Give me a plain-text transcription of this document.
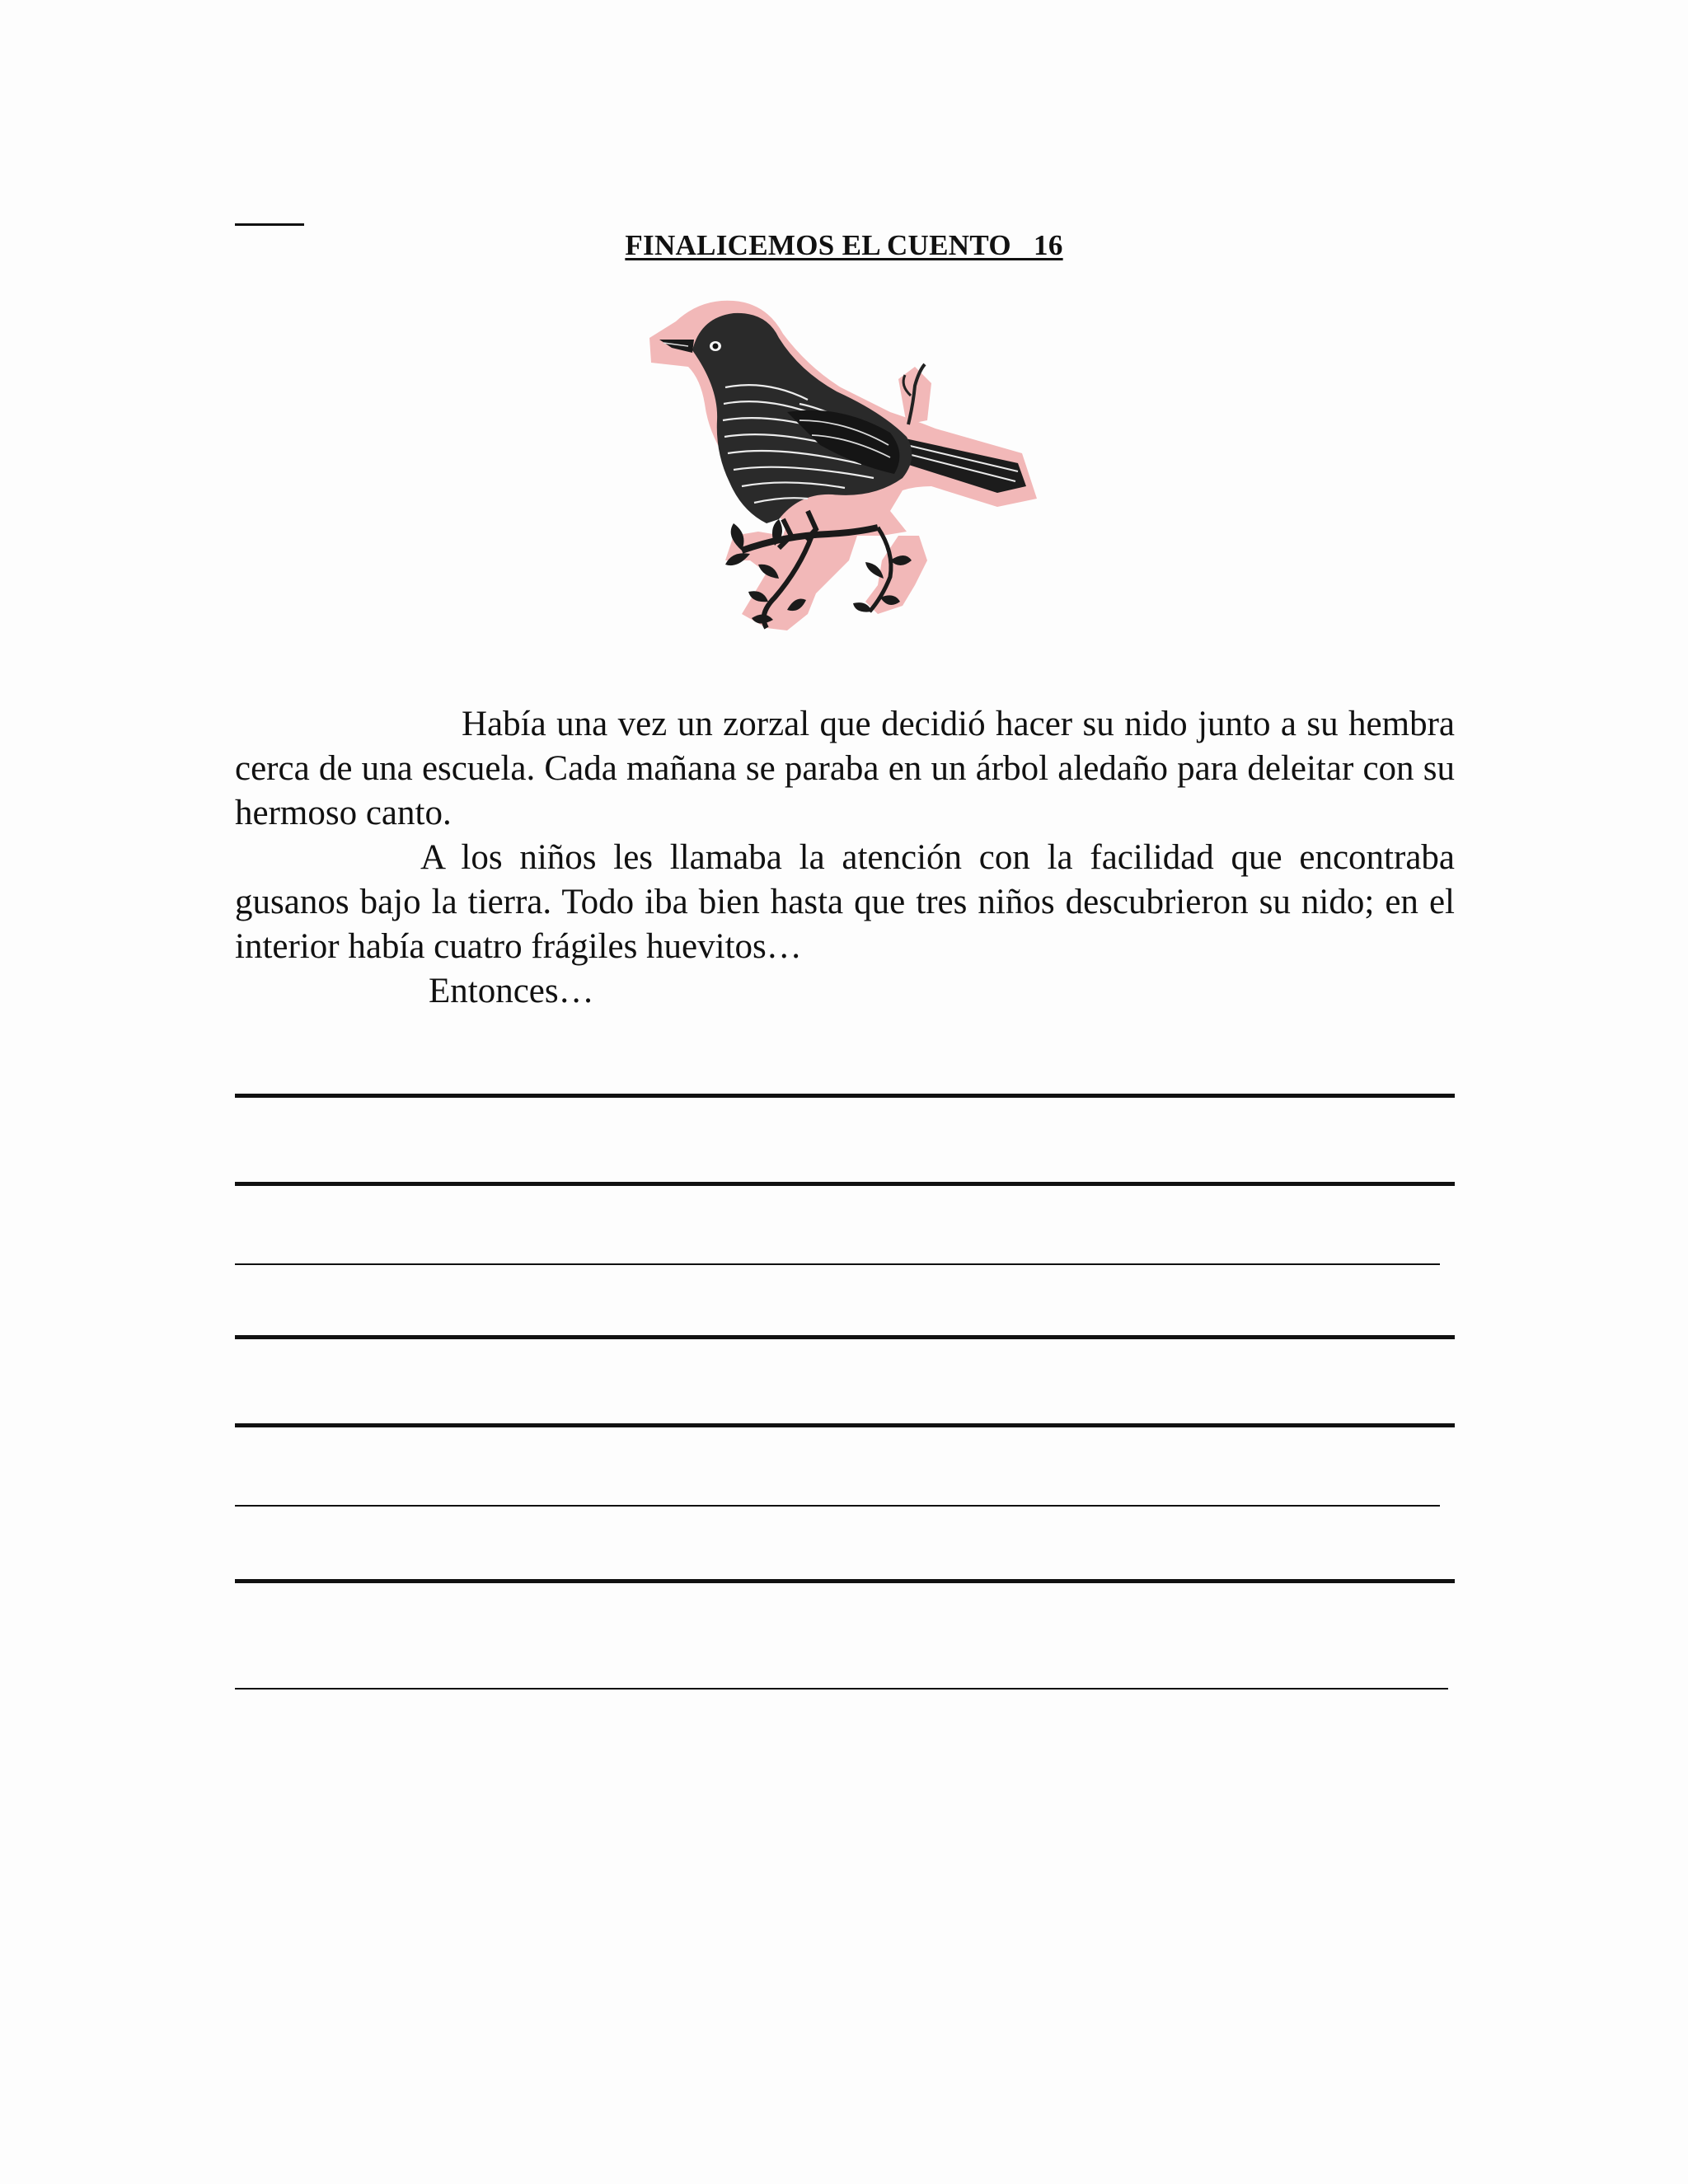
FINALICEMOS EL CUENTO   16

Había una vez un zorzal que decidió hacer su nido junto a su hembra cerca de una escuela. Cada mañana se paraba en un árbol aledaño para deleitar con su hermoso canto.

A los niños les llamaba la atención con la facilidad que encontraba gusanos bajo la tierra. Todo iba bien hasta que tres niños descubrieron su nido; en el interior había cuatro frágiles huevitos…

Entonces…
